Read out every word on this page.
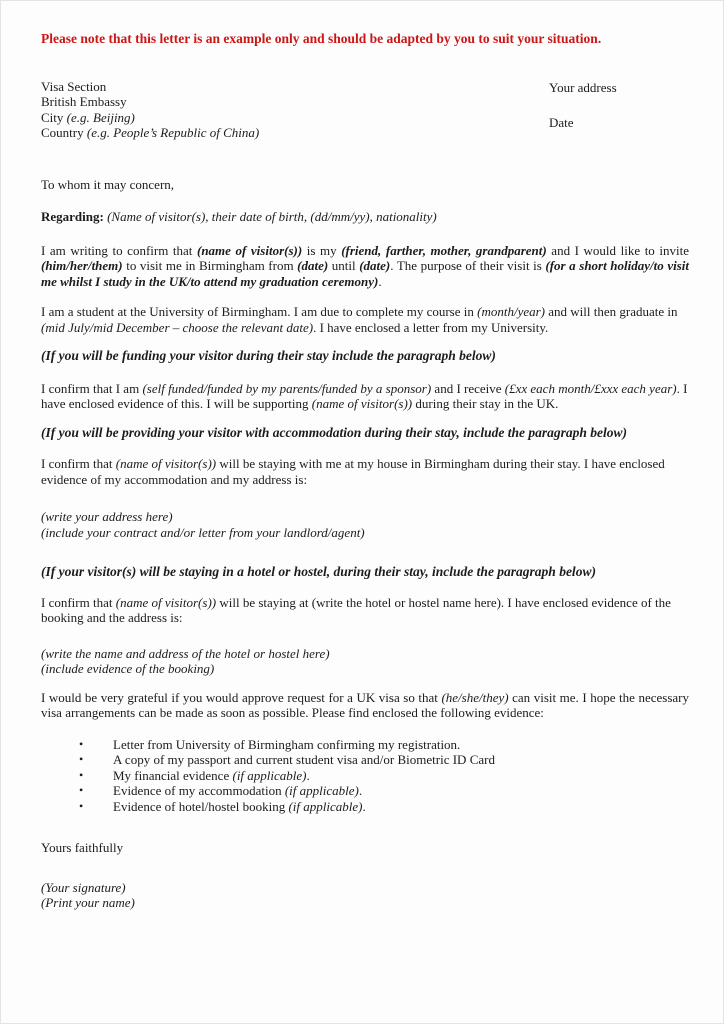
Please note that this letter is an example only and should be adapted by you to suit your situation.

Visa Section
British Embassy
City (e.g. Beijing)
Country (e.g. People’s Republic of China)
Your address
Date

To whom it may concern,

Regarding: (Name of visitor(s), their date of birth, (dd/mm/yy), nationality)

I am writing to confirm that (name of visitor(s)) is my (friend, farther, mother, grandparent) and I would like to invite (him/her/them) to visit me in Birmingham from (date) until (date). The purpose of their visit is (for a short holiday/to visit me whilst I study in the UK/to attend my graduation ceremony).

I am a student at the University of Birmingham. I am due to complete my course in (month/year) and will then graduate in (mid July/mid December – choose the relevant date). I have enclosed a letter from my University.

(If you will be funding your visitor during their stay include the paragraph below)

I confirm that I am (self funded/funded by my parents/funded by a sponsor) and I receive (£xx each month/£xxx each year). I have enclosed evidence of this. I will be supporting (name of visitor(s)) during their stay in the UK.

(If you will be providing your visitor with accommodation during their stay, include the paragraph below)

I confirm that (name of visitor(s)) will be staying with me at my house in Birmingham during their stay. I have enclosed evidence of my accommodation and my address is:

(write your address here)
(include your contract and/or letter from your landlord/agent)

(If your visitor(s) will be staying in a hotel or hostel, during their stay, include the paragraph below)

I confirm that (name of visitor(s)) will be staying at (write the hotel or hostel name here). I have enclosed evidence of the booking and the address is:

(write the name and address of the hotel or hostel here)
(include evidence of the booking)

I would be very grateful if you would approve request for a UK visa so that (he/she/they) can visit me. I hope the necessary visa arrangements can be made as soon as possible. Please find enclosed the following evidence:

• Letter from University of Birmingham confirming my registration.
• A copy of my passport and current student visa and/or Biometric ID Card
• My financial evidence (if applicable).
• Evidence of my accommodation (if applicable).
• Evidence of hotel/hostel booking (if applicable).

Yours faithfully

(Your signature)
(Print your name)
